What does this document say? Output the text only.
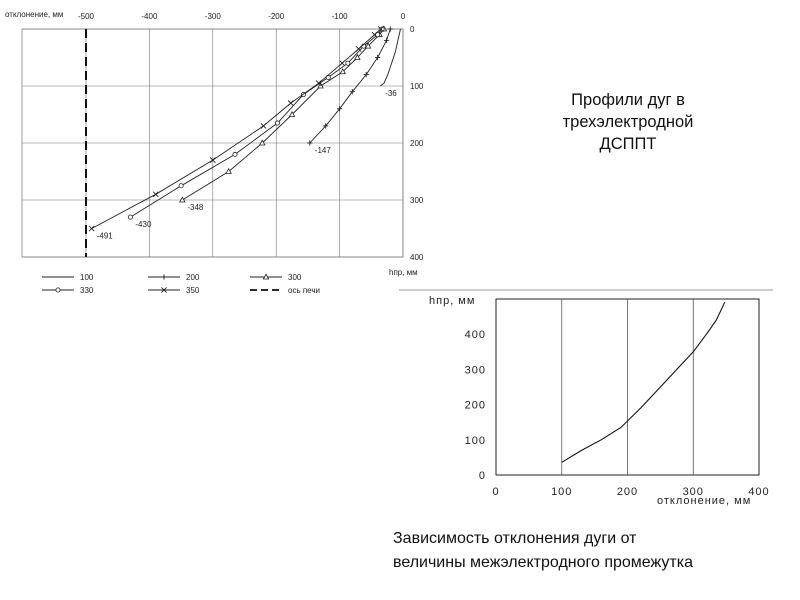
-500	-400	-300	-200	-100	0
0
100
200
300
400
отклонение, мм
hпр, мм
-36
-147
-348
-430
-491
100	200	300
330	350	ось печи
0	100	200	300	400
0
100
200
300
400
hпр, мм
отклонение, мм
Профили дуг в
трехэлектродной
ДСППТ
Зависимость отклонения дуги от
величины межэлектродного промежутка
